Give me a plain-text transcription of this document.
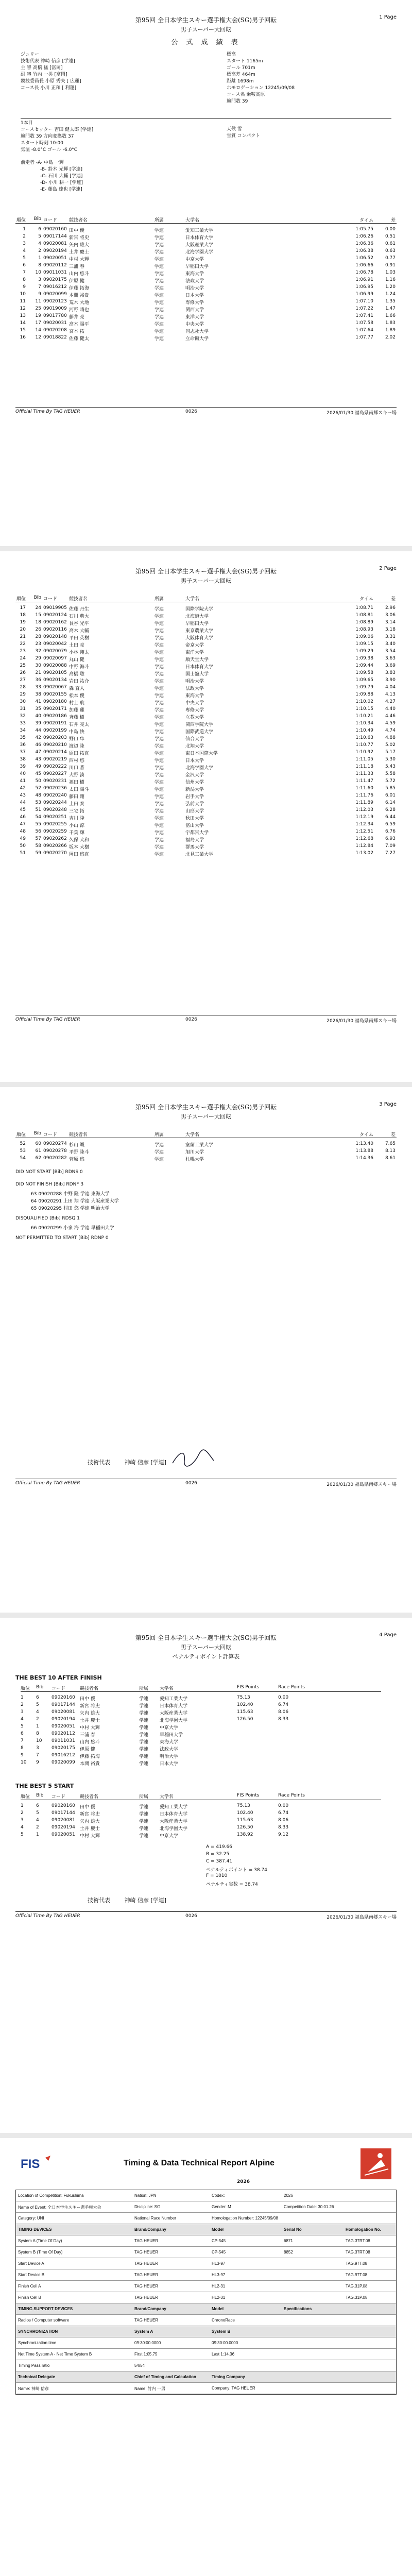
1 Page
第95回 全日本学生スキー選手権大会(SG)男子回転
男子スーパー大回転
公 式 成 績 表
ジュリー
技術代表 神崎 信彦 [学連]
主 審 高橋 猛 [富岡]
副 審 竹内 一男 [富岡]
競技委員長 小原 秀夫 [ 広運]
コース長 小川 正和 [ 利運]
標高
スタート 1165m
ゴール 701m
標高差 464m
距離 1698m
ホモロゲーション 12245/09/08
コース名 乗鞍高原
旗門数 39
1本目
コースセッター 吉田 健太郎 [学連]
旗門数 39 方向変換数 37
スタート時刻 10:00
気温 -8.0°C ゴール -6.0°C
天候 雪
雪質 コンパクト
前走者 -A- 中島 一輝
-B- 鈴木 光輝 [学連]
-C- 石川 大輔 [学連]
-D- 小川 耕一 [学連]
-E- 藤島 達也 [学連]
順位	Bib コード	競技者名	所属	大学名	タイム	差
1	6 09020160 田中 優	学連	愛知工業大学	1:05.75	0.00
2	5 09017144 新宮 将史	学連	日本体育大学	1:06.26	0.51
3	4 09020081 矢内 雄大	学連	大阪産業大学	1:06.36	0.61
4	2 09020194 土井 慶士	学連	北海学園大学	1:06.38	0.63
5	1 09020051 中村 大輝	学連	中京大学	1:06.52	0.77
6	8 09020112 三浦 春	学連	早稲田大学	1:06.66	0.91
7	10 09011031 山内 悠斗	学連	東海大学	1:06.78	1.03
8	3 09020175 伊原 健	学連	法政大学	1:06.91	1.16
9	7 09016212 伊藤 拓海	学連	明治大学	1:06.95	1.20
10	9 09020099 本間 裕貴	学連	日本大学	1:06.99	1.24
11	11 09020123 荒木 大地	学連	専修大学	1:07.10	1.35
12	25 09019009 河野 晴也	学連	関西大学	1:07.22	1.47
13	19 09017780 藤井 亮	学連	東洋大学	1:07.41	1.66
14	17 09020031 高木 陽平	学連	中央大学	1:07.58	1.83
15	14 09020208 宮本 拓	学連	同志社大学	1:07.64	1.89
16	12 09018822 佐藤 健太	学連	立命館大学	1:07.77	2.02
Official Time By TAG HEUER	0026	2026/01/30 福島県南郷スキー場
2 Page
第95回 全日本学生スキー選手権大会(SG)男子回転
男子スーパー大回転
順位	Bib コード	競技者名	所属	大学名	タイム	差
17	24 09019905 佐藤 丹生	学連	国際学院大学	1:08.71	2.96
18	15 09020124 石川 典大	学連	北海道大学	1:08.81	3.06
19	18 09020162 長谷 光平	学連	早稲田大学	1:08.89	3.14
20	26 09020116 高木 大輔	学連	東京農業大学	1:08.93	3.18
21	28 09020148 平田 英樹	学連	大阪体育大学	1:09.06	3.31
22	23 09020042 土田 亮	学連	帝京大学	1:09.15	3.40
23	32 09020079 小林 翔太	学連	東洋大学	1:09.29	3.54
24	29 09020097 丸山 健	学連	順天堂大学	1:09.38	3.63
25	30 09020088 中野 海斗	学連	日本体育大学	1:09.44	3.69
26	21 09020105 高橋 聡	学連	国士舘大学	1:09.58	3.83
27	36 09020134 岩田 祐介	学連	明治大学	1:09.65	3.90
28	33 09020067 森 直人	学連	法政大学	1:09.79	4.04
29	38 09020155 松本 優	学連	東海大学	1:09.88	4.13
30	41 09020180 村上 航	学連	中央大学	1:10.02	4.27
31	35 09020171 加藤 蓮	学連	専修大学	1:10.15	4.40
32	40 09020186 斉藤 樹	学連	立教大学	1:10.21	4.46
33	39 09020191 石井 亮太	学連	関西学院大学	1:10.34	4.59
34	44 09020199 中島 快	学連	国際武道大学	1:10.49	4.74
35	42 09020203 野口 隼	学連	仙台大学	1:10.63	4.88
36	46 09020210 渡辺 陸	学連	北翔大学	1:10.77	5.02
37	47 09020214 原田 拓真	学連	東日本国際大学	1:10.92	5.17
38	43 09020219 西村 悠	学連	日本大学	1:11.05	5.30
39	49 09020222 川口 蒼	学連	北海学園大学	1:11.18	5.43
40	45 09020227 大野 湊	学連	金沢大学	1:11.33	5.58
41	50 09020231 福田 樹	学連	信州大学	1:11.47	5.72
42	52 09020236 太田 陽斗	学連	新潟大学	1:11.60	5.85
43	48 09020240 藤田 翔	学連	岩手大学	1:11.76	6.01
44	53 09020244 上田 奏	学連	弘前大学	1:11.89	6.14
45	51 09020248 三宅 拓	学連	山形大学	1:12.03	6.28
46	54 09020251 吉川 隆	学連	秋田大学	1:12.19	6.44
47	55 09020255 小山 涼	学連	富山大学	1:12.34	6.59
48	56 09020259 千葉 輝	学連	宇都宮大学	1:12.51	6.76
49	57 09020262 久保 大和	学連	福島大学	1:12.68	6.93
50	58 09020266 坂本 大樹	学連	群馬大学	1:12.84	7.09
51	59 09020270 岡田 悠真	学連	北見工業大学	1:13.02	7.27
Official Time By TAG HEUER	0026	2026/01/30 福島県南郷スキー場
3 Page
第95回 全日本学生スキー選手権大会(SG)男子回転
男子スーパー大回転
順位	Bib コード	競技者名	所属	大学名	タイム	差
52	60 09020274 杉山 颯	学連	室蘭工業大学	1:13.40	7.65
53	61 09020278 平野 陸斗	学連	旭川大学	1:13.88	8.13
54	62 09020282 菅原 悠	学連	札幌大学	1:14.36	8.61
DID NOT START [Bib] RDNS 0
DID NOT FINISH [Bib] RDNF 3
63 09020288 中野 隆 学連 東海大学
64 09020291 上田 翔 学連 大阪産業大学
65 09020295 村田 悠 学連 明治大学
DISQUALIFIED [Bib] RDSQ 1
66 09020299 小泉 海 学連 早稲田大学
NOT PERMITTED TO START [Bib] RDNP 0
技術代表	神崎 信彦 [学連]
Official Time By TAG HEUER	0026	2026/01/30 福島県南郷スキー場
4 Page
第95回 全日本学生スキー選手権大会(SG)男子回転
男子スーパー大回転
ペナルティポイント計算表
THE BEST 10 AFTER FINISH
順位 Bib コード	競技者名	所属 大学名	FIS Points	Race Points
1	6	09020160 田中 優	学連 愛知工業大学	75.13	0.00
2	5	09017144 新宮 将史	学連 日本体育大学	102.40	6.74
3	4	09020081 矢内 雄大	学連 大阪産業大学	115.63	8.06
4	2	09020194 土井 慶士	学連 北海学園大学	126.50	8.33
5	1	09020051 中村 大輝	学連 中京大学
6	8	09020112 三浦 春	学連 早稲田大学
7	10 09011031 山内 悠斗	学連 東海大学
8	3	09020175 伊原 健	学連 法政大学
9	7	09016212 伊藤 拓海	学連 明治大学
10 9	09020099 本間 裕貴	学連 日本大学
THE BEST 5 START
順位 Bib コード	競技者名	所属 大学名	FIS Points	Race Points
1	6	09020160 田中 優	学連 愛知工業大学	75.13	0.00
2	5	09017144 新宮 将史	学連 日本体育大学	102.40	6.74
3	4	09020081 矢内 雄大	学連 大阪産業大学	115.63	8.06
4	2	09020194 土井 慶士	学連 北海学園大学	126.50	8.33
5	1	09020051 中村 大輝	学連 中京大学	138.92	9.12
A = 419.66
B = 32.25
C = 387.41
ペナルティポイント = 38.74
F = 1010
ペナルティ実数 = 38.74
技術代表	神崎 信彦 [学連]
Official Time By TAG HEUER	0026	2026/01/30 福島県南郷スキー場
FIS	Timing & Data Technical Report Alpine
2026
Location of Competition: Fukushima	Nation: JPN	Codex:	2026
Name of Event: 全日本学生スキー選手権大会	Discipline: SG	Gender: M	Competition Date: 30.01.26
Category: UNI	National Race Number	Homologation Number: 12245/09/08
TIMING DEVICES	Brand/Company	Model	Serial No	Homologation No.
System A (Time Of Day)	TAG HEUER	CP-545	6871	TAG.37RT.08
System B (Time Of Day)	TAG HEUER	CP-545	8852	TAG.37RT.08
Start Device A	TAG HEUER	HL3-97	TAG.97T.08
Start Device B	TAG HEUER	HL3-97	TAG.97T.08
Finish Cell A	TAG HEUER	HL2-31	TAG.31P.08
Finish Cell B	TAG HEUER	HL2-31	TAG.31P.08
TIMING SUPPORT DEVICES	Brand/Company	Model	Specifications
Radios / Computer software	TAG HEUER	ChronoRace
SYNCHRONIZATION	System A	System B
Synchronization time	09:30:00.0000	09:30:00.0000
Net Time System A - Net Time System B	First 1:05.75	Last 1:14.36
Timing Pass ratio	54/54
Technical Delegate	Chief of Timing and Calculation	Timing Company
Name: 神崎 信彦	Name: 竹内 一男	Company: TAG HEUER
